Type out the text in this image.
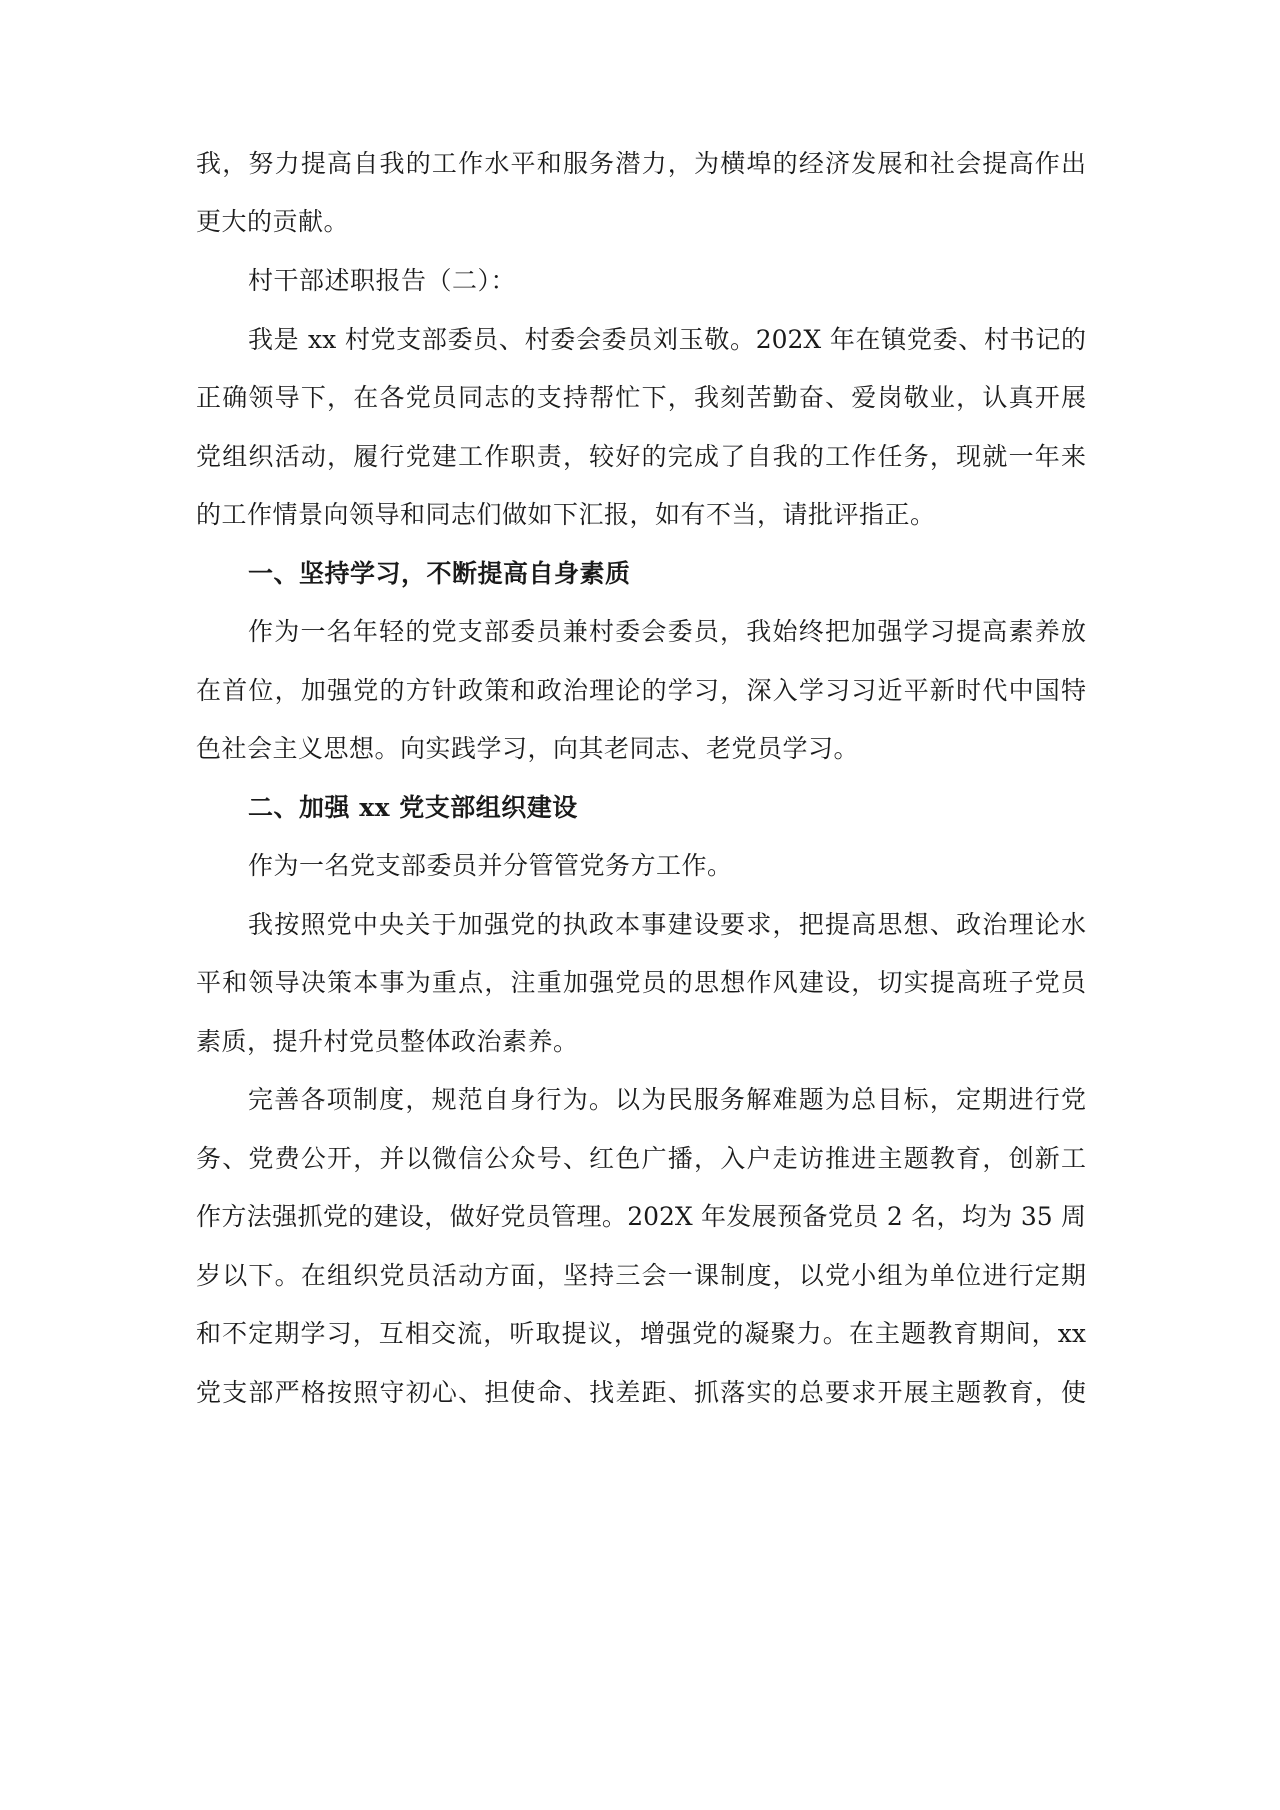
我，努力提高自我的工作水平和服务潜力，为横埠的经济发展和社会提高作出
更大的贡献。
村干部述职报告（二）：
我是 xx 村党支部委员、村委会委员刘玉敬。202X 年在镇党委、村书记的
正确领导下，在各党员同志的支持帮忙下，我刻苦勤奋、爱岗敬业，认真开展
党组织活动，履行党建工作职责，较好的完成了自我的工作任务，现就一年来
的工作情景向领导和同志们做如下汇报，如有不当，请批评指正。
一、坚持学习，不断提高自身素质
作为一名年轻的党支部委员兼村委会委员，我始终把加强学习提高素养放
在首位，加强党的方针政策和政治理论的学习，深入学习习近平新时代中国特
色社会主义思想。向实践学习，向其老同志、老党员学习。
二、加强 xx 党支部组织建设
作为一名党支部委员并分管管党务方工作。
我按照党中央关于加强党的执政本事建设要求，把提高思想、政治理论水
平和领导决策本事为重点，注重加强党员的思想作风建设，切实提高班子党员
素质，提升村党员整体政治素养。
完善各项制度，规范自身行为。以为民服务解难题为总目标，定期进行党
务、党费公开，并以微信公众号、红色广播，入户走访推进主题教育，创新工
作方法强抓党的建设，做好党员管理。202X 年发展预备党员 2 名，均为 35 周
岁以下。在组织党员活动方面，坚持三会一课制度，以党小组为单位进行定期
和不定期学习，互相交流，听取提议，增强党的凝聚力。在主题教育期间，xx
党支部严格按照守初心、担使命、找差距、抓落实的总要求开展主题教育，使
